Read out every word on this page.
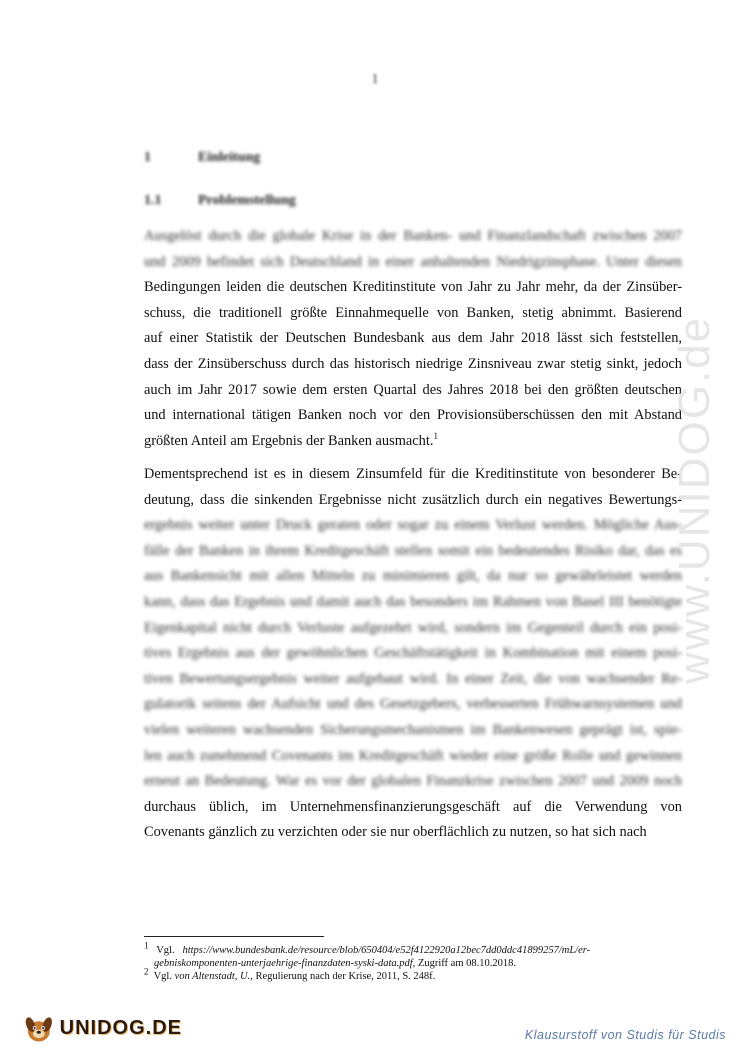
1
1	Einleitung
1.1	Problemstellung
Ausgelöst durch die globale Krise in der Banken- und Finanzlandschaft zwischen 2007
und 2009 befindet sich Deutschland in einer anhaltenden Niedrigzinsphase. Unter diesen
Bedingungen leiden die deutschen Kreditinstitute von Jahr zu Jahr mehr, da der Zinsüber-
schuss, die traditionell größte Einnahmequelle von Banken, stetig abnimmt. Basierend
auf einer Statistik der Deutschen Bundesbank aus dem Jahr 2018 lässt sich feststellen,
dass der Zinsüberschuss durch das historisch niedrige Zinsniveau zwar stetig sinkt, jedoch
auch im Jahr 2017 sowie dem ersten Quartal des Jahres 2018 bei den größten deutschen
und international tätigen Banken noch vor den Provisionsüberschüssen den mit Abstand
größten Anteil am Ergebnis der Banken ausmacht.$^1$
Dementsprechend ist es in diesem Zinsumfeld für die Kreditinstitute von besonderer Be-
deutung, dass die sinkenden Ergebnisse nicht zusätzlich durch ein negatives Bewertungs-
ergebnis weiter unter Druck geraten oder sogar zu einem Verlust werden. Mögliche Aus-
fälle der Banken in ihrem Kreditgeschäft stellen somit ein bedeutendes Risiko dar, das es
aus Bankensicht mit allen Mitteln zu minimieren gilt, da nur so gewährleistet werden
kann, dass das Ergebnis und damit auch das besonders im Rahmen von Basel III benötigte
Eigenkapital nicht durch Verluste aufgezehrt wird, sondern im Gegenteil durch ein posi-
tives Ergebnis aus der gewöhnlichen Geschäftstätigkeit in Kombination mit einem posi-
tiven Bewertungsergebnis weiter aufgebaut wird. In einer Zeit, die von wachsender Re-
gulatorik seitens der Aufsicht und des Gesetzgebers, verbesserten Frühwarnsystemen und
vielen weiteren wachsenden Sicherungsmechanismen im Bankenwesen geprägt ist, spie-
len auch zunehmend Covenants im Kreditgeschäft wieder eine größe Rolle und gewinnen
erneut an Bedeutung. War es vor der globalen Finanzkrise zwischen 2007 und 2009 noch
durchaus üblich, im Unternehmensfinanzierungsgeschäft auf die Verwendung von
Covenants gänzlich zu verzichten oder sie nur oberflächlich zu nutzen, so hat sich nach
$^1$ Vgl. https://www.bundesbank.de/resource/blob/650404/e52f4122920a12bec7dd0ddc41899257/mL/er-
gebniskomponenten-unterjaehrige-finanzdaten-syski-data.pdf, Zugriff am 08.10.2018.
$^2$ Vgl. von Altenstadt, U., Regulierung nach der Krise, 2011, S. 248f.
www.UNIDOG.de
UNIDOG.DE	Klausurstoff von Studis für Studis
